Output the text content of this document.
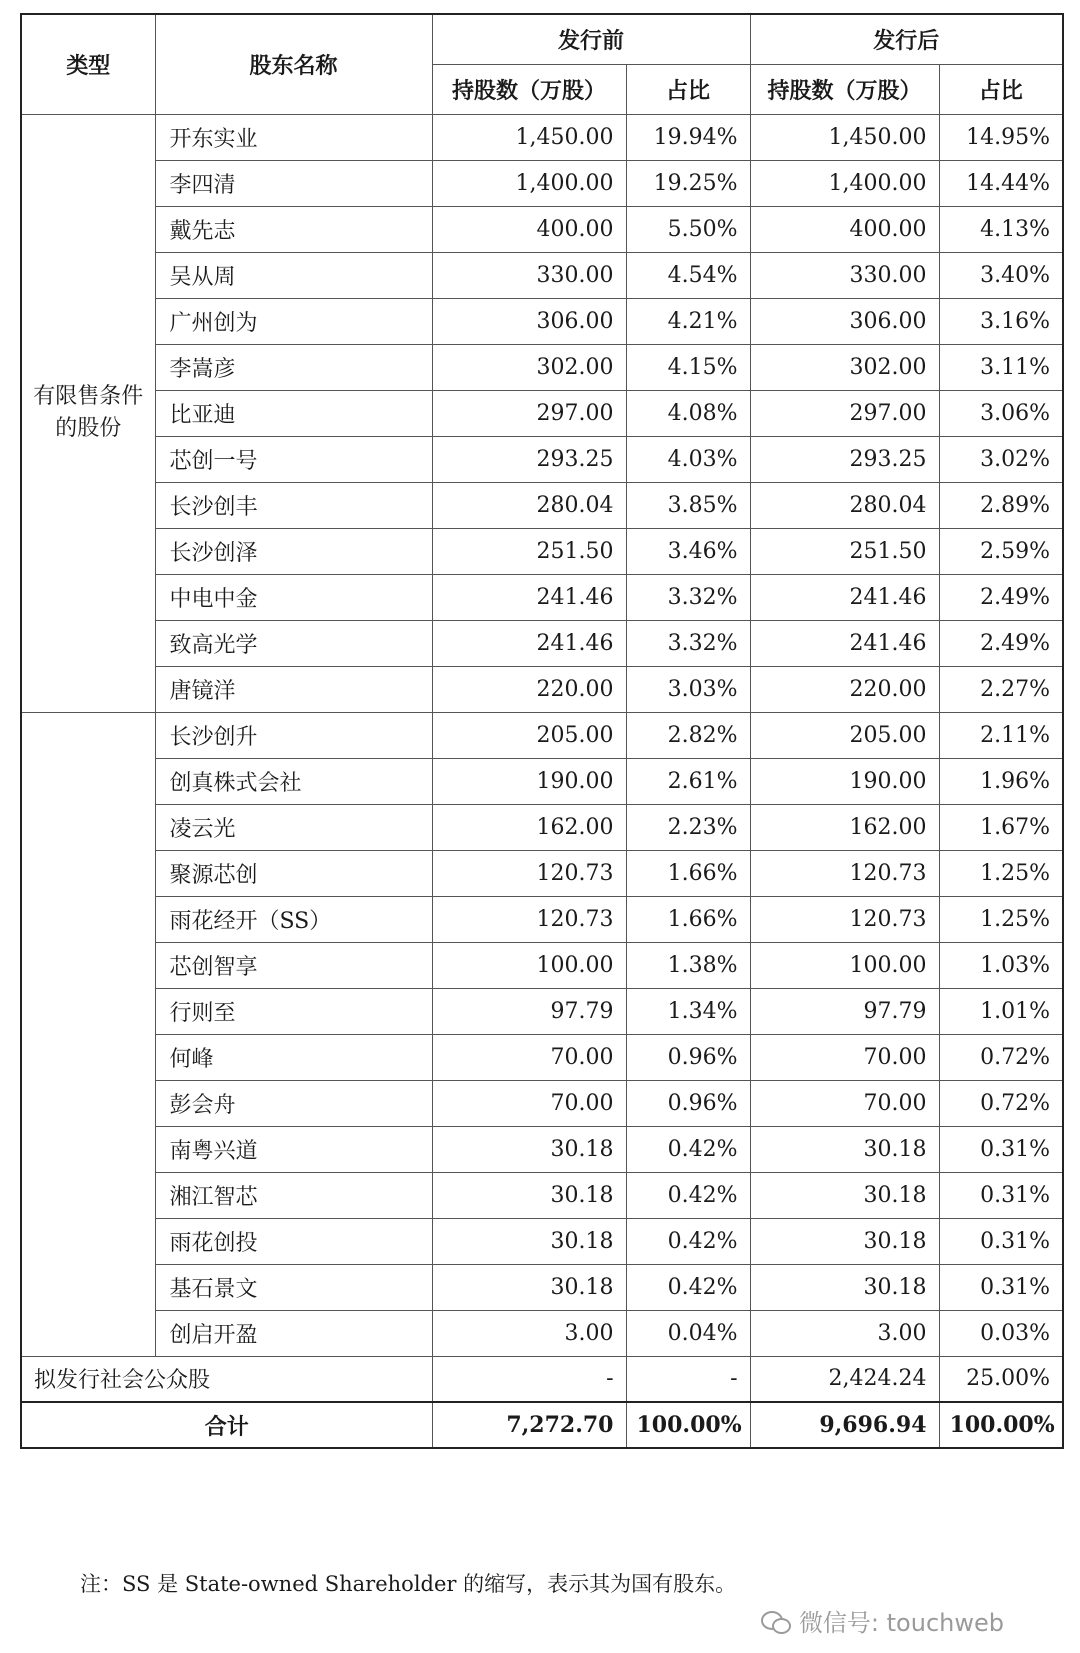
类型	股东名称	发行前		发行后	
		持股数（万股）	占比	持股数（万股）	占比
有限售条件的股份	开东实业	1,450.00	19.94%	1,450.00	14.95%
	李四清	1,400.00	19.25%	1,400.00	14.44%
	戴先志	400.00	5.50%	400.00	4.13%
	吴从周	330.00	4.54%	330.00	3.40%
	广州创为	306.00	4.21%	306.00	3.16%
	李嵩彦	302.00	4.15%	302.00	3.11%
	比亚迪	297.00	4.08%	297.00	3.06%
	芯创一号	293.25	4.03%	293.25	3.02%
	长沙创丰	280.04	3.85%	280.04	2.89%
	长沙创泽	251.50	3.46%	251.50	2.59%
	中电中金	241.46	3.32%	241.46	2.49%
	致高光学	241.46	3.32%	241.46	2.49%
	唐镜洋	220.00	3.03%	220.00	2.27%
	长沙创升	205.00	2.82%	205.00	2.11%
	创真株式会社	190.00	2.61%	190.00	1.96%
	凌云光	162.00	2.23%	162.00	1.67%
	聚源芯创	120.73	1.66%	120.73	1.25%
	雨花经开（SS）	120.73	1.66%	120.73	1.25%
	芯创智享	100.00	1.38%	100.00	1.03%
	行则至	97.79	1.34%	97.79	1.01%
	何峰	70.00	0.96%	70.00	0.72%
	彭会舟	70.00	0.96%	70.00	0.72%
	南粤兴道	30.18	0.42%	30.18	0.31%
	湘江智芯	30.18	0.42%	30.18	0.31%
	雨花创投	30.18	0.42%	30.18	0.31%
	基石景文	30.18	0.42%	30.18	0.31%
	创启开盈	3.00	0.04%	3.00	0.03%
拟发行社会公众股		-	-	2,424.24	25.00%
合计		7,272.70	100.00%	9,696.94	100.00%
注：SS 是 State-owned Shareholder 的缩写，表示其为国有股东。
微信号: touchweb
